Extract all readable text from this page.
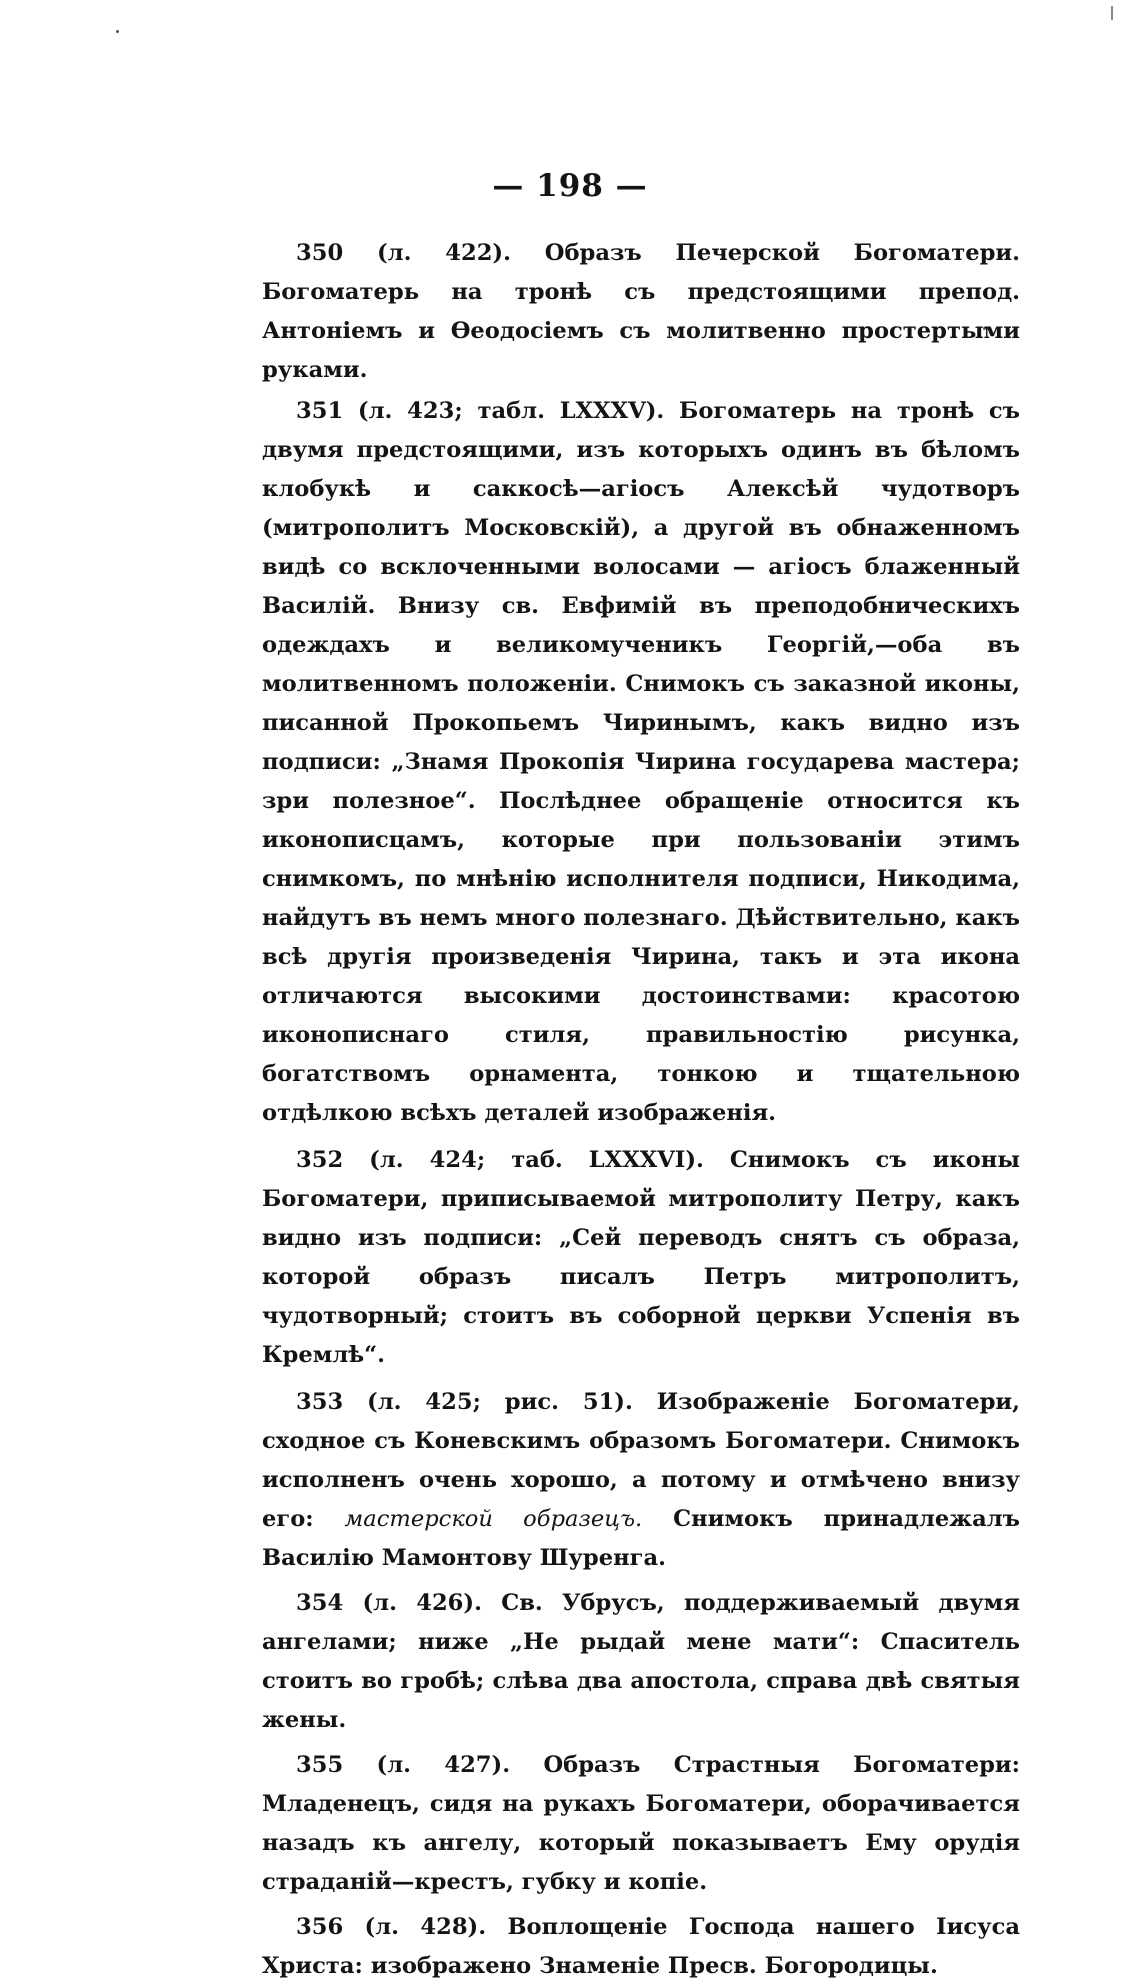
— 198 —

350 (л. 422). Образъ Печерской Богоматери. Богоматерь на тронѣ съ предстоящими препод. Антоніемъ и Ѳеодосіемъ съ молитвенно простертыми руками.

351 (л. 423; табл. LXXXV). Богоматерь на тронѣ съ двумя предстоящими, изъ которыхъ одинъ въ бѣломъ клобукѣ и саккосѣ—агіосъ Алексѣй чудотворъ (митрополитъ Московскій), а другой въ обнаженномъ видѣ со всклоченными волосами — агіосъ блаженный Василій. Внизу св. Евфимій въ преподобническихъ одеждахъ и великомученикъ Георгій,—оба въ молитвенномъ положеніи. Снимокъ съ заказной иконы, писанной Прокопьемъ Чиринымъ, какъ видно изъ подписи: „Знамя Прокопія Чирина государева мастера; зри полезное“. Послѣднее обращеніе относится къ иконописцамъ, которые при пользованіи этимъ снимкомъ, по мнѣнію исполнителя подписи, Никодима, найдутъ въ немъ много полезнаго. Дѣйствительно, какъ всѣ другія произведенія Чирина, такъ и эта икона отличаются высокими достоинствами: красотою иконописнаго стиля, правильностію рисунка, богатствомъ орнамента, тонкою и тщательною отдѣлкою всѣхъ деталей изображенія.

352 (л. 424; таб. LXXXVI). Снимокъ съ иконы Богоматери, приписываемой митрополиту Петру, какъ видно изъ подписи: „Сей переводъ снятъ съ образа, которой образъ писалъ Петръ митрополитъ, чудотворный; стоитъ въ соборной церкви Успенія въ Кремлѣ“.

353 (л. 425; рис. 51). Изображеніе Богоматери, сходное съ Коневскимъ образомъ Богоматери. Снимокъ исполненъ очень хорошо, а потому и отмѣчено внизу его: мастерской образецъ. Снимокъ принадлежалъ Василію Мамонтову Шуренга.

354 (л. 426). Св. Убрусъ, поддерживаемый двумя ангелами; ниже „Не рыдай мене мати“: Спаситель стоитъ во гробѣ; слѣва два апостола, справа двѣ святыя жены.

355 (л. 427). Образъ Страстныя Богоматери: Младенецъ, сидя на рукахъ Богоматери, оборачивается назадъ къ ангелу, который показываетъ Ему орудія страданій—крестъ, губку и копіе.

356 (л. 428). Воплощеніе Господа нашего Іисуса Христа: изображено Знаменіе Пресв. Богородицы.
